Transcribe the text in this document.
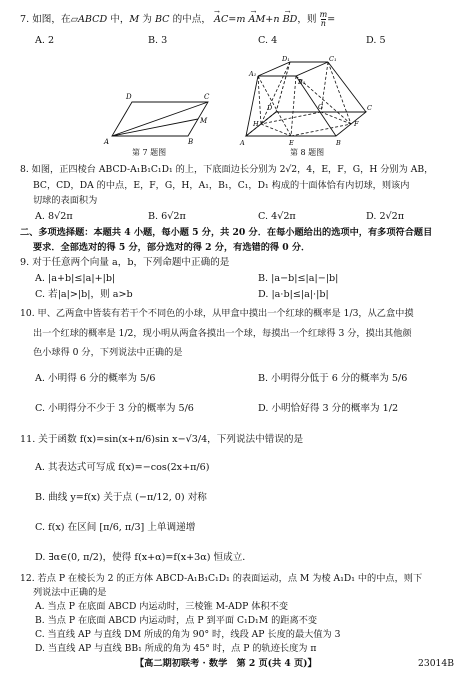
7. 如图，在▱ABCD 中，M 为 BC 的中点， AC
→
=m AM
→
+n BD
→
，则 $\frac{m}{n}=$
A. 2	B. 3	C. 4	D. 5
D	C
A	B
M
第 7 题图
D₁	C₁
A₁
B₁
D	G	C
H	F
A	E	B
第 8 题图
8. 如图，正四棱台 ABCD-A₁B₁C₁D₁ 的上，下底面边长分别为 2√2，4，E，F，G，H 分别为 AB，
BC，CD，DA 的中点，E，F，G，H，A₁，B₁，C₁，D₁ 构成的十面体恰有内切球，则该内
切球的表面积为
A. 8√2π	B. 6√2π	C. 4√2π	D. 2√2π
二、多项选择题：本题共 4 小题，每小题 5 分，共 20 分．在每小题给出的选项中，有多项符合题目
要求．全部选对的得 5 分，部分选对的得 2 分，有选错的得 0 分．
9. 对于任意两个向量 a，b，下列命题中正确的是
A. |a+b|≤|a|+|b|	B. |a−b|≤|a|−|b|
C. 若|a|>|b|，则 a>b	D. |a·b|≤|a|·|b|
10. 甲、乙两盒中皆装有若干个不同色的小球，从甲盒中摸出一个红球的概率是 1/3，从乙盒中摸
出一个红球的概率是 1/2，现小明从两盒各摸出一个球，每摸出一个红球得 3 分，摸出其他颜
色小球得 0 分，下列说法中正确的是
A. 小明得 6 分的概率为 5/6	B. 小明得分低于 6 分的概率为 5/6
C. 小明得分不少于 3 分的概率为 5/6	D. 小明恰好得 3 分的概率为 1/2
11. 关于函数 f(x)=sin(x+π/6)sin x−√3/4，下列说法中错误的是
A. 其表达式可写成 f(x)=−cos(2x+π/6)
B. 曲线 y=f(x) 关于点 (−π/12, 0) 对称
C. f(x) 在区间 [π/6, π/3] 上单调递增
D. ∃α∈(0, π/2)，使得 f(x+α)=f(x+3α) 恒成立．
12. 若点 P 在棱长为 2 的正方体 ABCD-A₁B₁C₁D₁ 的表面运动，点 M 为棱 A₁D₁ 中的中点，则下
列说法中正确的是
A. 当点 P 在底面 ABCD 内运动时，三棱锥 M-ADP 体积不变
B. 当点 P 在底面 ABCD 内运动时，点 P 到平面 C₁D₁M 的距离不变
C. 当直线 AP 与直线 DM 所成的角为 90° 时，线段 AP 长度的最大值为 3
D. 当直线 AP 与直线 BB₁ 所成的角为 45° 时，点 P 的轨迹长度为 π
【高二期初联考 · 数学　第 2 页(共 4 页)】	23014B
